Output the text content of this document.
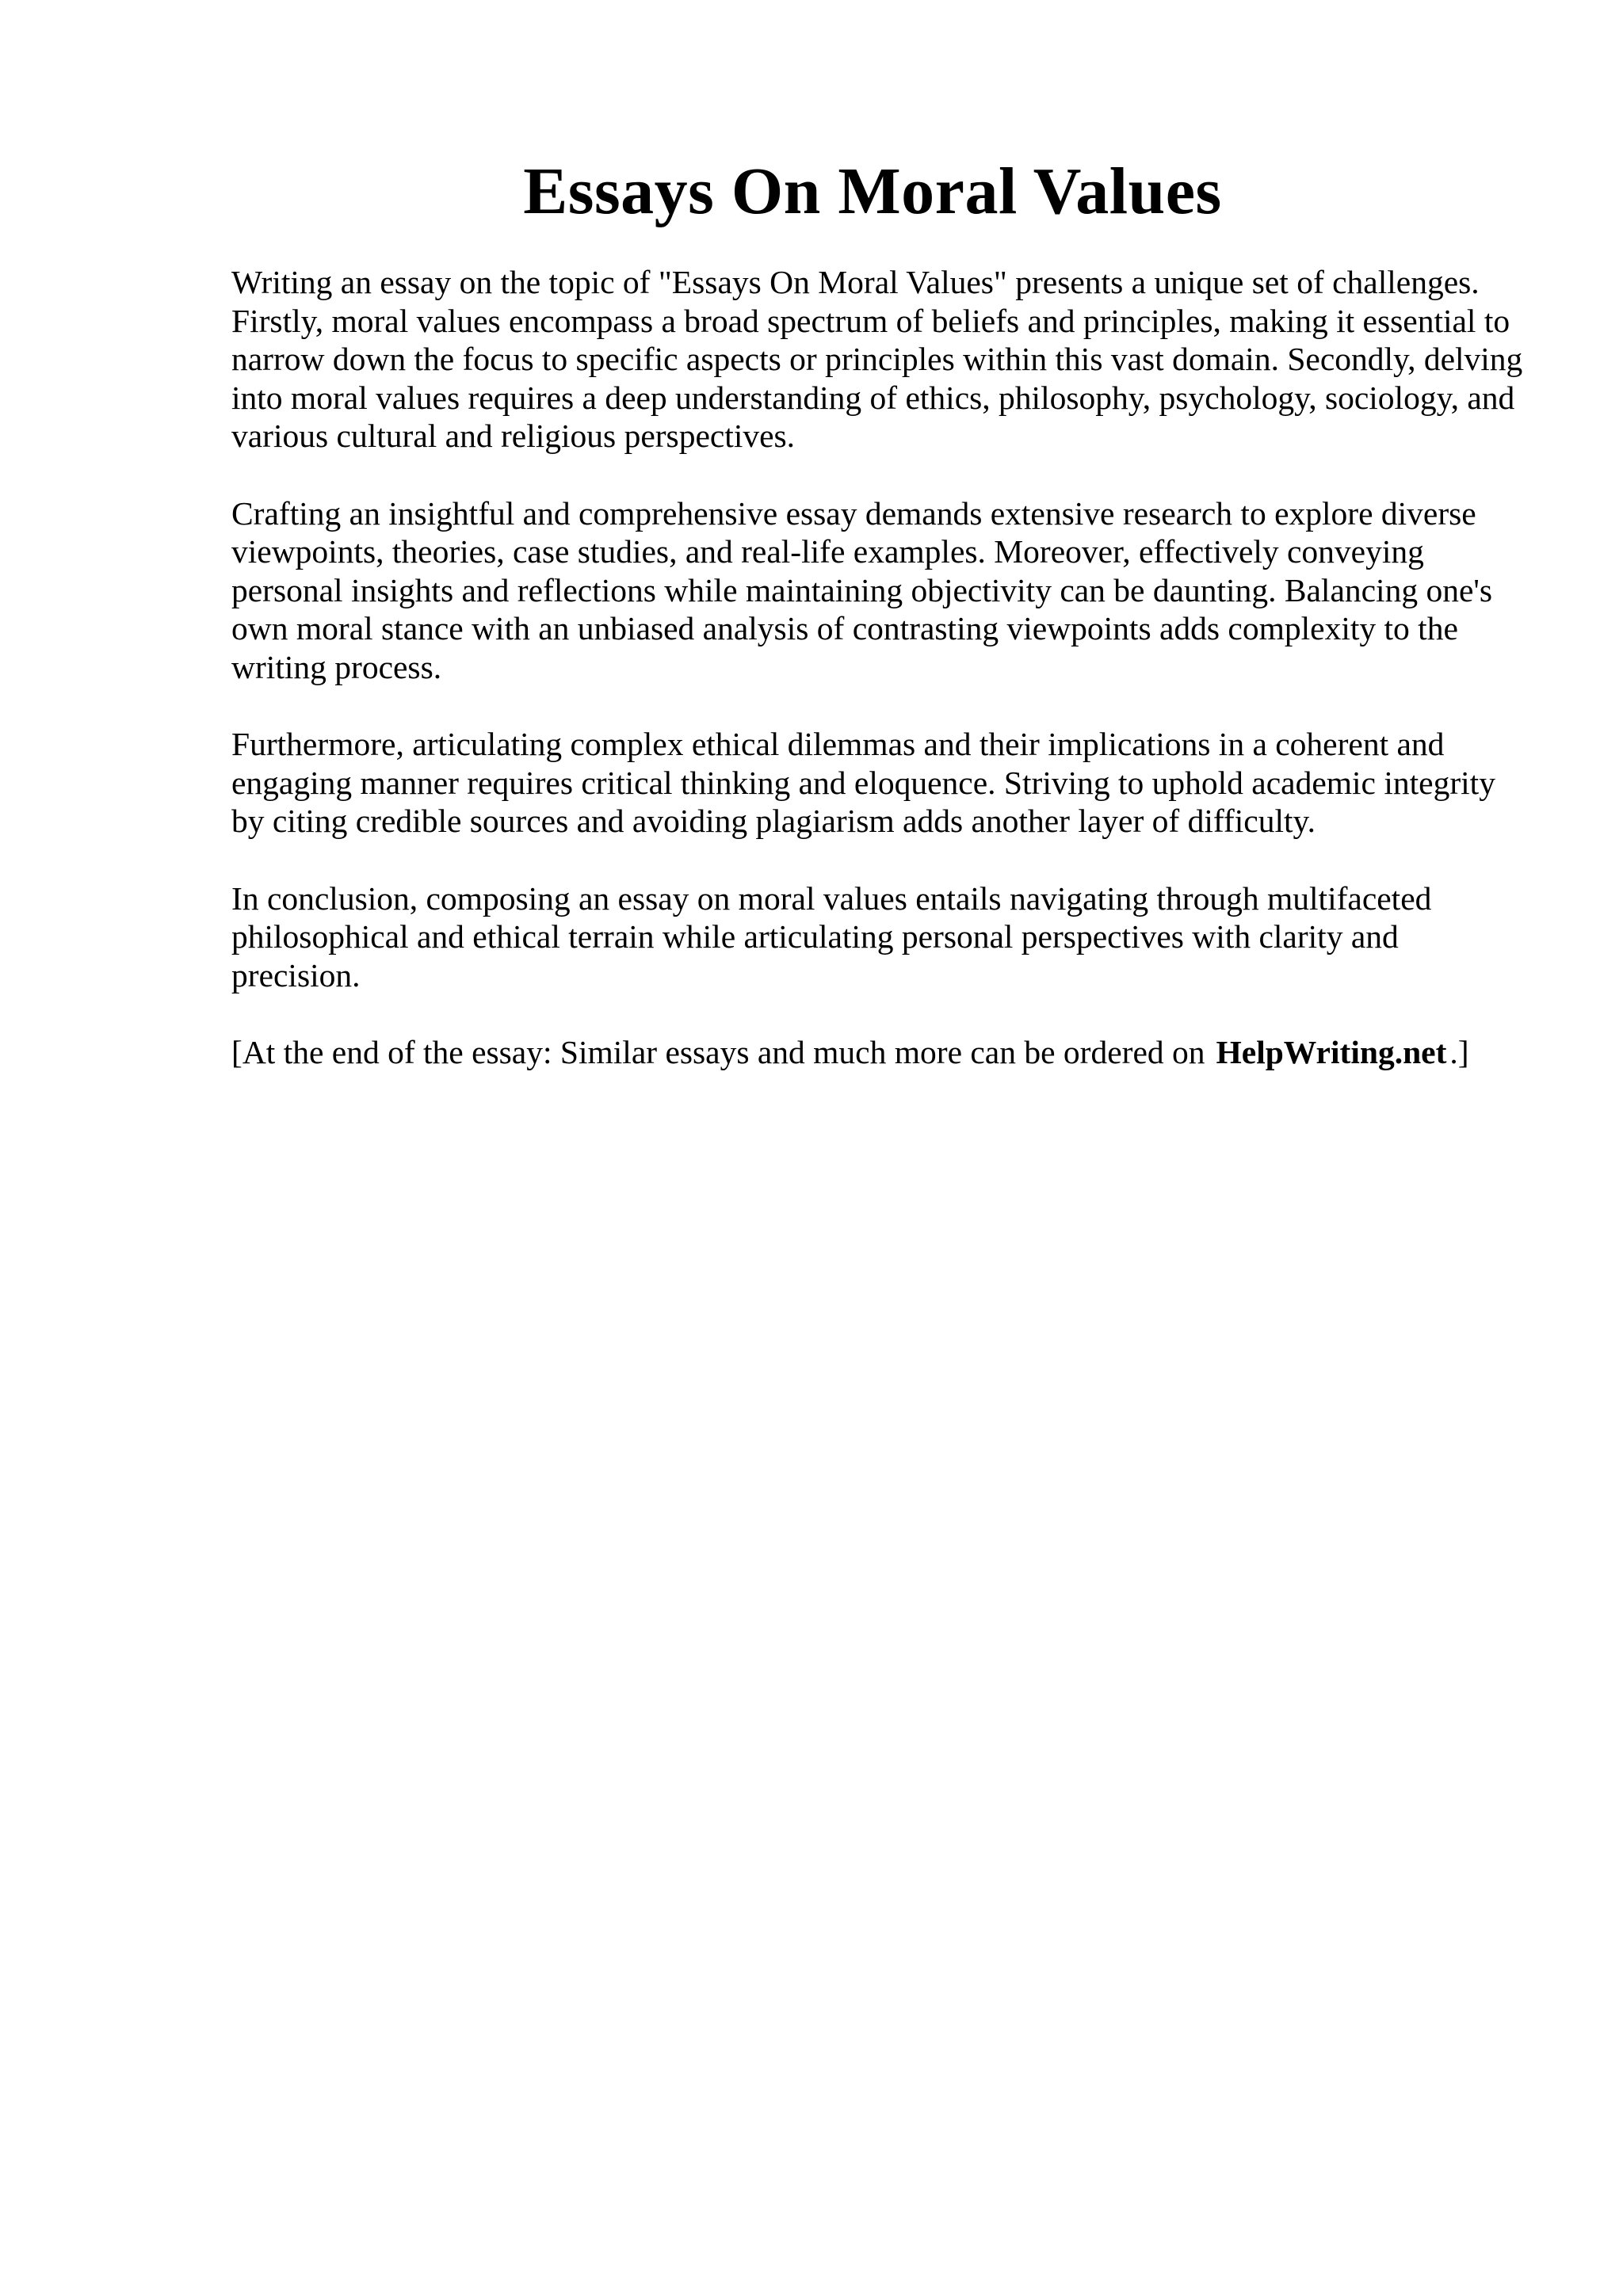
Essays On Moral Values

Writing an essay on the topic of "Essays On Moral Values" presents a unique set of challenges. Firstly, moral values encompass a broad spectrum of beliefs and principles, making it essential to narrow down the focus to specific aspects or principles within this vast domain. Secondly, delving into moral values requires a deep understanding of ethics, philosophy, psychology, sociology, and various cultural and religious perspectives.

Crafting an insightful and comprehensive essay demands extensive research to explore diverse viewpoints, theories, case studies, and real-life examples. Moreover, effectively conveying personal insights and reflections while maintaining objectivity can be daunting. Balancing one's own moral stance with an unbiased analysis of contrasting viewpoints adds complexity to the writing process.

Furthermore, articulating complex ethical dilemmas and their implications in a coherent and engaging manner requires critical thinking and eloquence. Striving to uphold academic integrity by citing credible sources and avoiding plagiarism adds another layer of difficulty.

In conclusion, composing an essay on moral values entails navigating through multifaceted philosophical and ethical terrain while articulating personal perspectives with clarity and precision.

[At the end of the essay: Similar essays and much more can be ordered on HelpWriting.net.]
